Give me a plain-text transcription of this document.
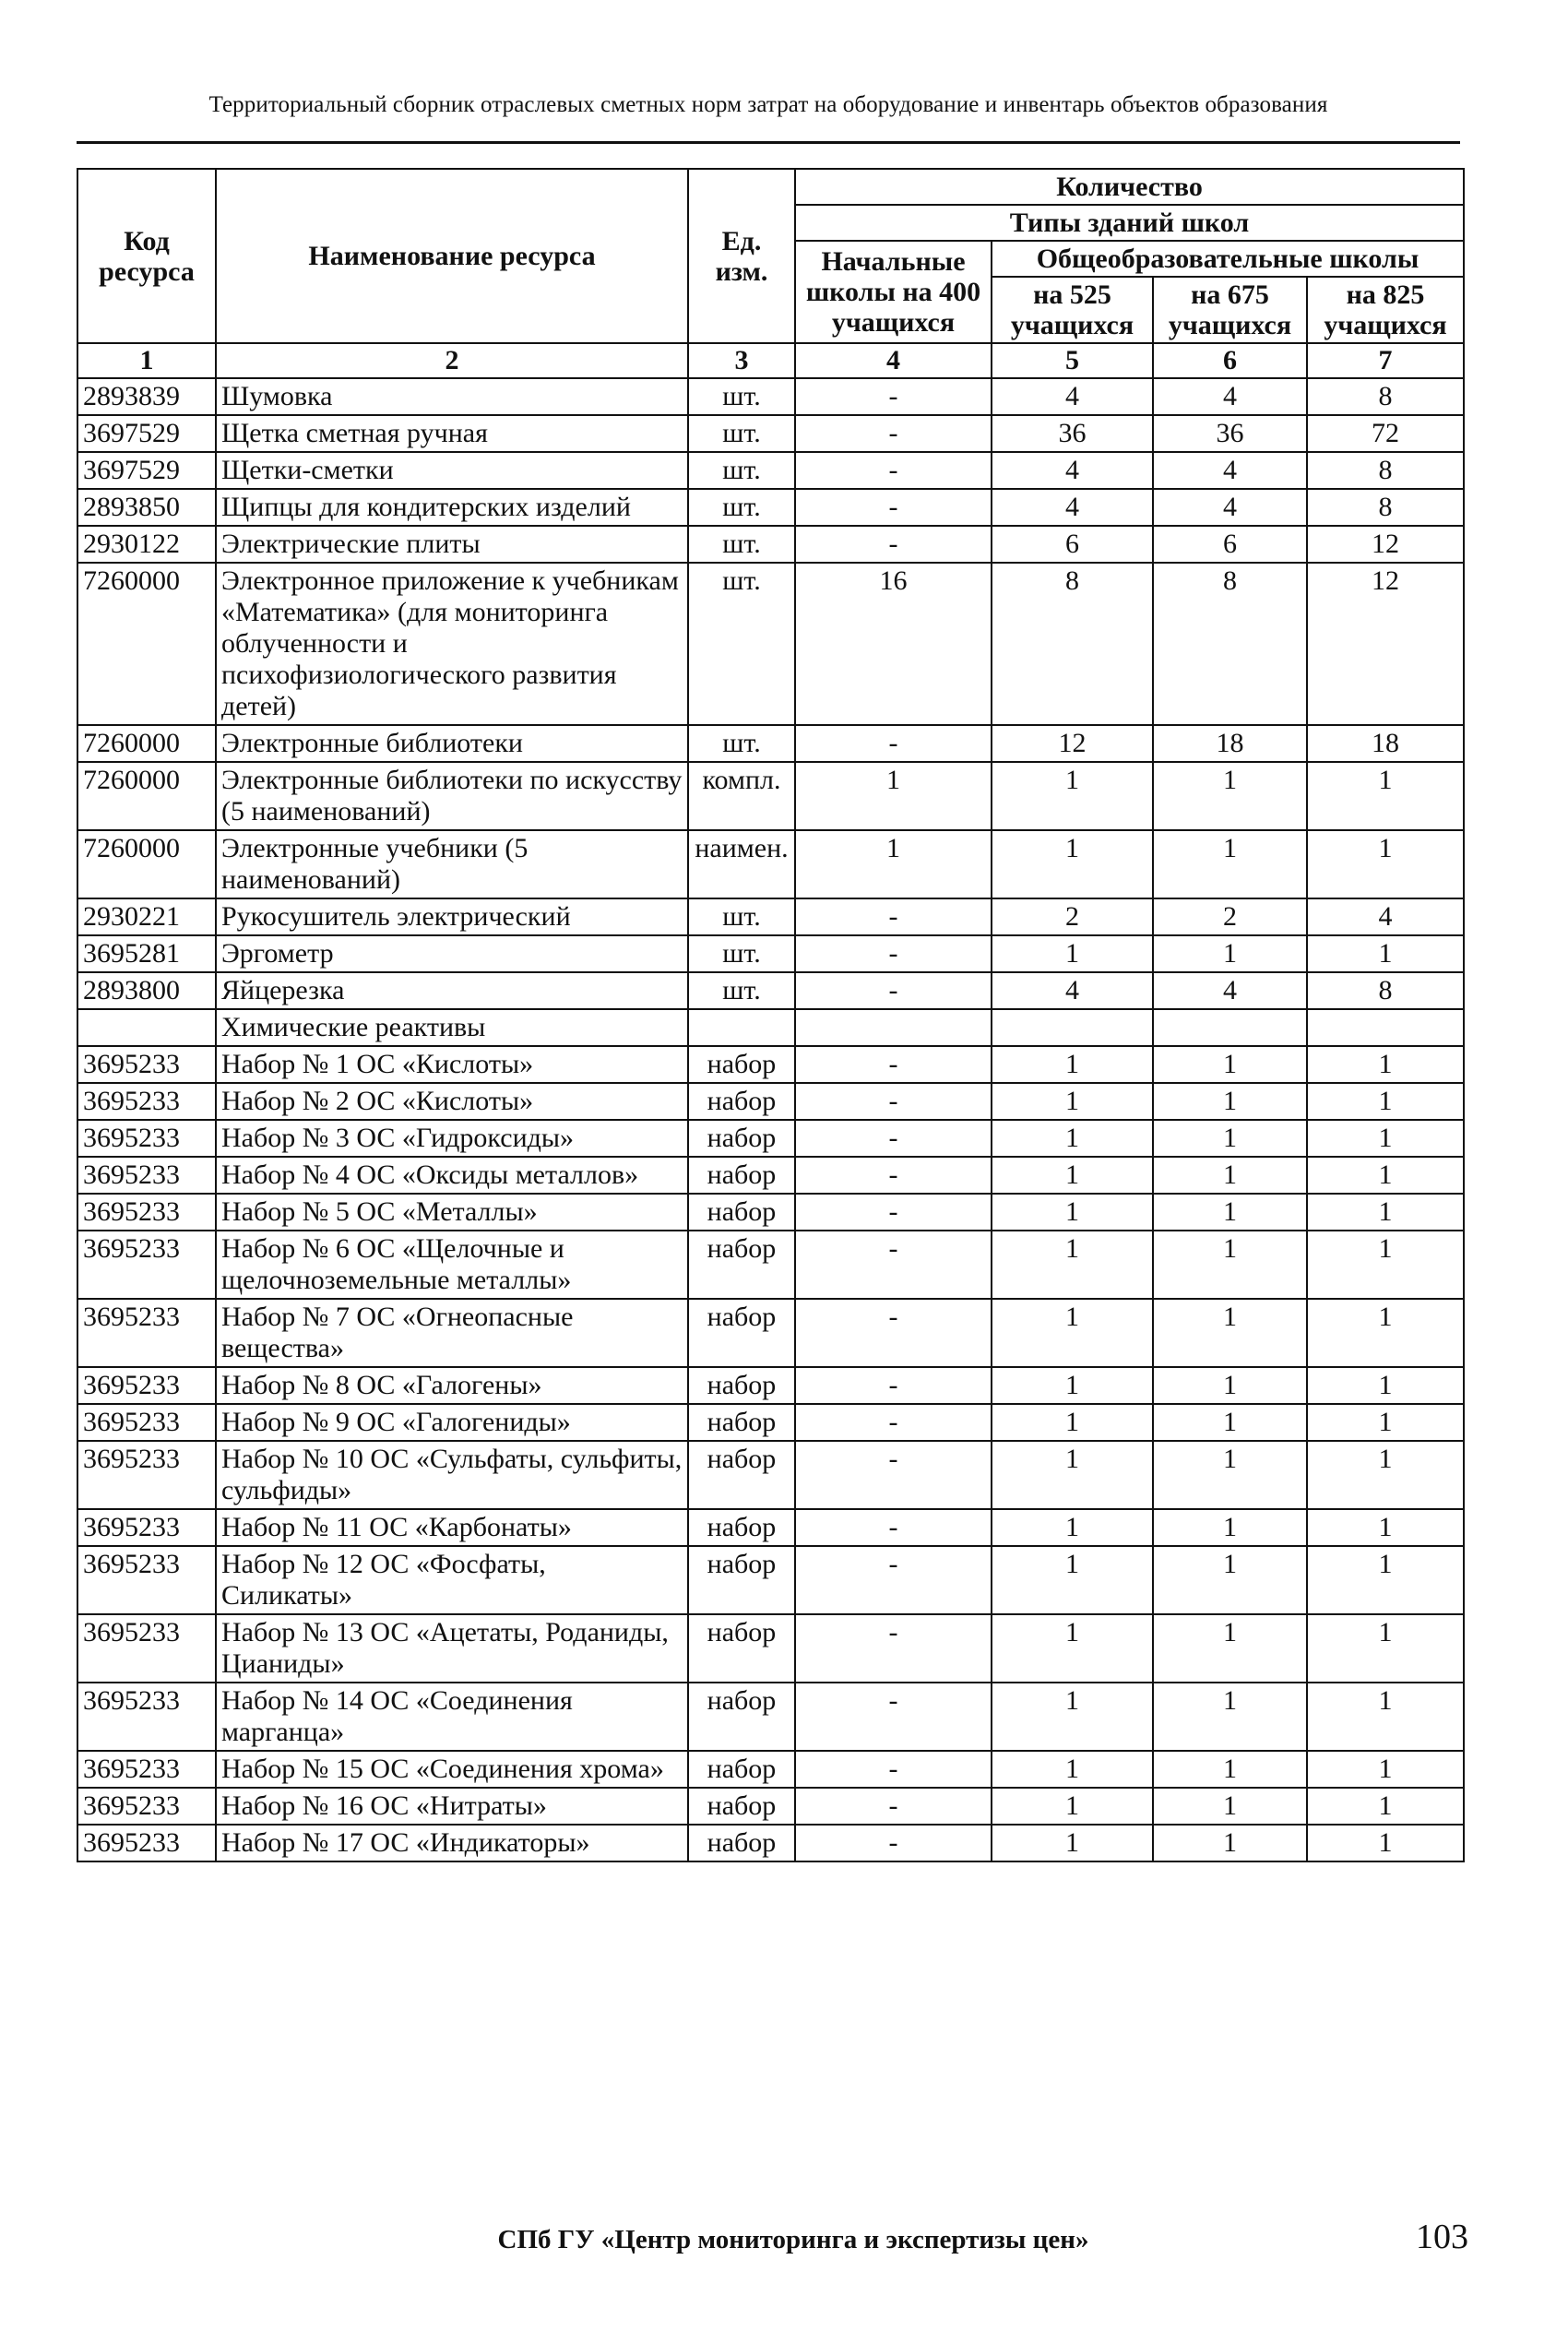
Территориальный сборник отраслевых сметных норм затрат на оборудование и инвентарь объектов образования
Код ресурса	Наименование ресурса	Ед. изм.	Количество			
			Типы зданий школ			
			Начальные школы на 400 учащихся	Общеобразовательные школы		
				на 525 учащихся	на 675 учащихся	на 825 учащихся
1	2	3	4	5	6	7
2893839	Шумовка	шт.	-	4	4	8
3697529	Щетка сметная ручная	шт.	-	36	36	72
3697529	Щетки-сметки	шт.	-	4	4	8
2893850	Щипцы для кондитерских изделий	шт.	-	4	4	8
2930122	Электрические плиты	шт.	-	6	6	12
7260000	Электронное приложение к учебникам «Математика» (для мониторинга облученности и психофизиологического развития детей)	шт.	16	8	8	12
7260000	Электронные библиотеки	шт.	-	12	18	18
7260000	Электронные библиотеки по искусству (5 наименований)	компл.	1	1	1	1
7260000	Электронные учебники (5 наименований)	наимен.	1	1	1	1
2930221	Рукосушитель электрический	шт.	-	2	2	4
3695281	Эргометр	шт.	-	1	1	1
2893800	Яйцерезка	шт.	-	4	4	8
	Химические реактивы					
3695233	Набор № 1 ОС «Кислоты»	набор	-	1	1	1
3695233	Набор № 2 ОС «Кислоты»	набор	-	1	1	1
3695233	Набор № 3 ОС «Гидроксиды»	набор	-	1	1	1
3695233	Набор № 4 ОС «Оксиды металлов»	набор	-	1	1	1
3695233	Набор № 5 ОС «Металлы»	набор	-	1	1	1
3695233	Набор № 6 ОС «Щелочные и щелочноземельные металлы»	набор	-	1	1	1
3695233	Набор № 7 ОС «Огнеопасные вещества»	набор	-	1	1	1
3695233	Набор № 8 ОС «Галогены»	набор	-	1	1	1
3695233	Набор № 9 ОС «Галогениды»	набор	-	1	1	1
3695233	Набор № 10 ОС «Сульфаты, сульфиты, сульфиды»	набор	-	1	1	1
3695233	Набор № 11 ОС «Карбонаты»	набор	-	1	1	1
3695233	Набор № 12 ОС «Фосфаты, Силикаты»	набор	-	1	1	1
3695233	Набор № 13 ОС «Ацетаты, Роданиды, Цианиды»	набор	-	1	1	1
3695233	Набор № 14 ОС «Соединения марганца»	набор	-	1	1	1
3695233	Набор № 15 ОС «Соединения хрома»	набор	-	1	1	1
3695233	Набор № 16 ОС «Нитраты»	набор	-	1	1	1
3695233	Набор № 17 ОС «Индикаторы»	набор	-	1	1	1
СПб ГУ «Центр мониторинга и экспертизы цен»	103
